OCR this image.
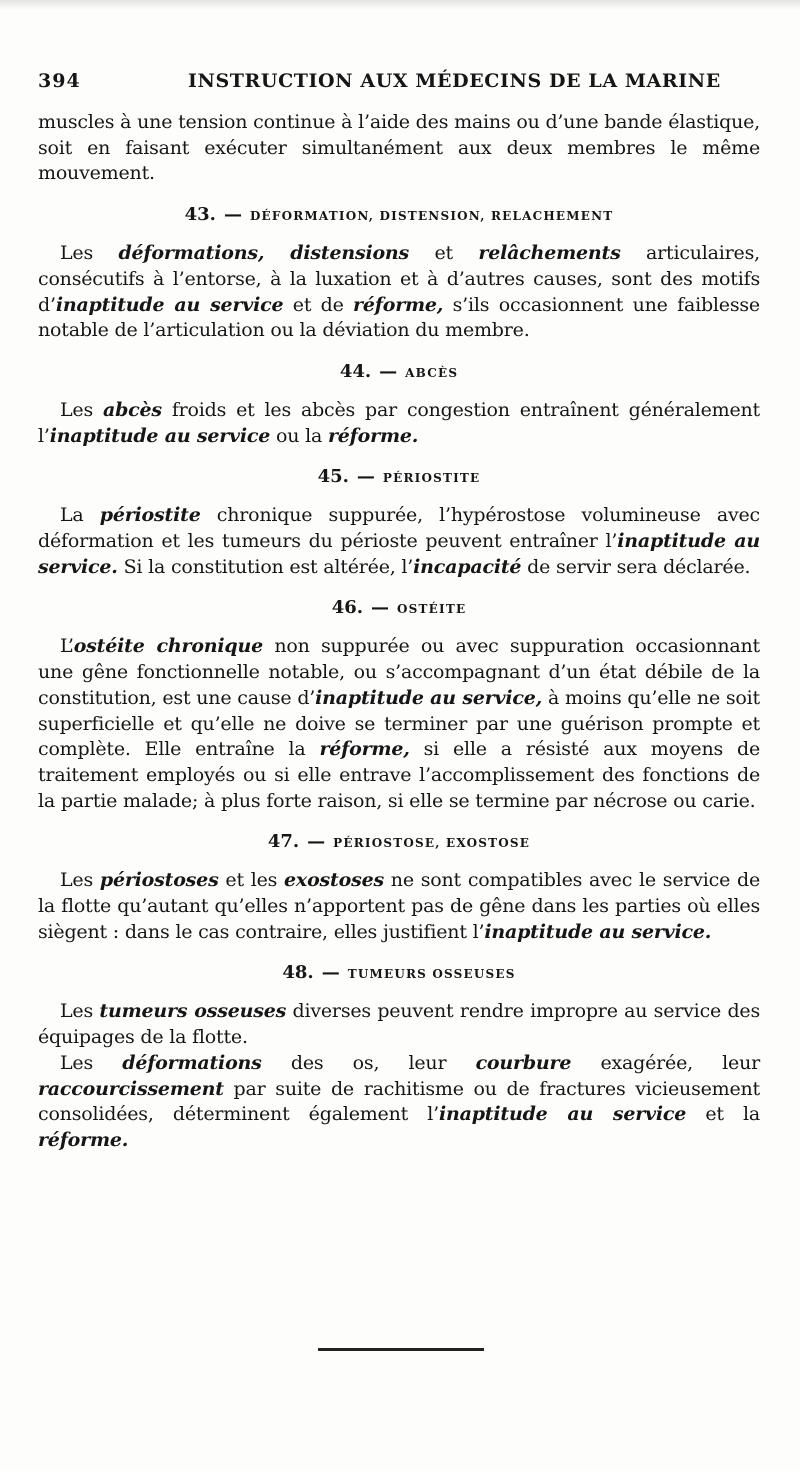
394	INSTRUCTION AUX MÉDECINS DE LA MARINE

muscles à une tension continue à l’aide des mains ou d’une bande élastique, soit en faisant exécuter simultanément aux deux membres le même mouvement.

43. — DÉFORMATION, DISTENSION, RELACHEMENT

Les déformations, distensions et relâchements articulaires, consécutifs à l’entorse, à la luxation et à d’autres causes, sont des motifs d’inaptitude au service et de réforme, s’ils occasionnent une faiblesse notable de l’articulation ou la déviation du membre.

44. — ABCÈS

Les abcès froids et les abcès par congestion entraînent généralement l’inaptitude au service ou la réforme.

45. — PÉRIOSTITE

La périostite chronique suppurée, l’hypérostose volumineuse avec déformation et les tumeurs du périoste peuvent entraîner l’inaptitude au service. Si la constitution est altérée, l’incapacité de servir sera déclarée.

46. — OSTÉITE

L’ostéite chronique non suppurée ou avec suppuration occasionnant une gêne fonctionnelle notable, ou s’accompagnant d’un état débile de la constitution, est une cause d’inaptitude au service, à moins qu’elle ne soit superficielle et qu’elle ne doive se terminer par une guérison prompte et complète. Elle entraîne la réforme, si elle a résisté aux moyens de traitement employés ou si elle entrave l’accomplissement des fonctions de la partie malade; à plus forte raison, si elle se termine par nécrose ou carie.

47. — PÉRIOSTOSE, EXOSTOSE

Les périostoses et les exostoses ne sont compatibles avec le service de la flotte qu’autant qu’elles n’apportent pas de gêne dans les parties où elles siègent : dans le cas contraire, elles justifient l’inaptitude au service.

48. — TUMEURS OSSEUSES

Les tumeurs osseuses diverses peuvent rendre impropre au service des équipages de la flotte.

Les déformations des os, leur courbure exagérée, leur raccourcissement par suite de rachitisme ou de fractures vicieusement consolidées, déterminent également l’inaptitude au service et la réforme.
